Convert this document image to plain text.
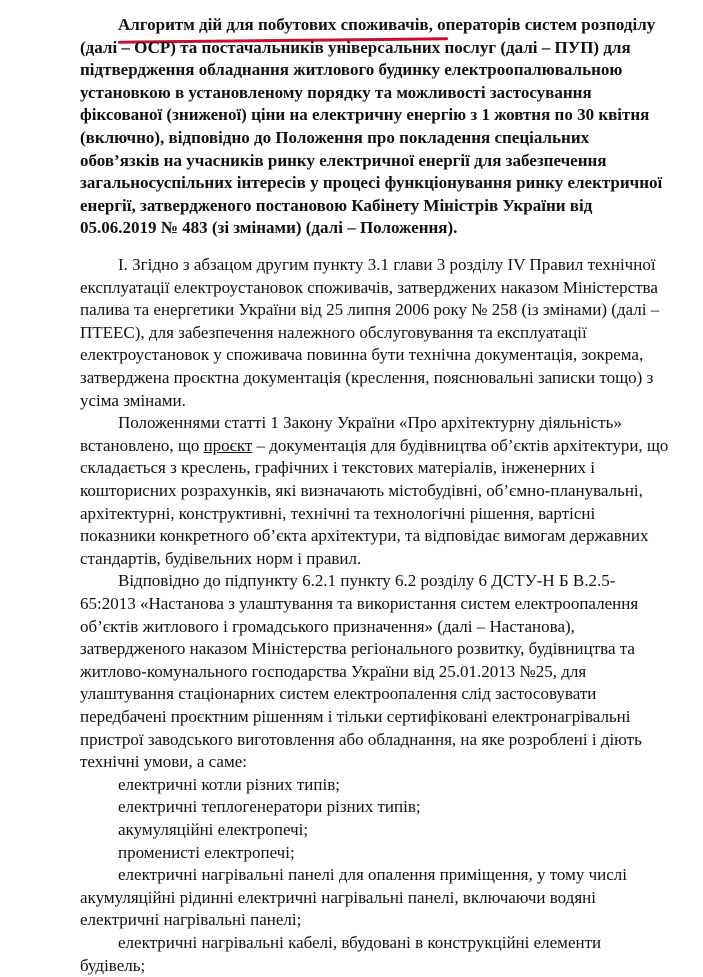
Алгоритм дій для побутових споживачів, операторів систем розподілу
(далі – ОСР) та постачальників універсальних послуг (далі – ПУП) для
підтвердження обладнання житлового будинку електроопалювальною
установкою в установленому порядку та можливості застосування
фіксованої (зниженої) ціни на електричну енергію з 1 жовтня по 30 квітня
(включно), відповідно до Положення про покладення спеціальних
обов’язків на учасників ринку електричної енергії для забезпечення
загальносуспільних інтересів у процесі функціонування ринку електричної
енергії, затвердженого постановою Кабінету Міністрів України від
05.06.2019 № 483 (зі змінами) (далі – Положення).
I. Згідно з абзацом другим пункту 3.1 глави 3 розділу IV Правил технічної
експлуатації електроустановок споживачів, затверджених наказом Міністерства
палива та енергетики України від 25 липня 2006 року № 258 (із змінами) (далі –
ПТЕЕС), для забезпечення належного обслуговування та експлуатації
електроустановок у споживача повинна бути технічна документація, зокрема,
затверджена проєктна документація (креслення, пояснювальні записки тощо) з
усіма змінами.
Положеннями статті 1 Закону України «Про архітектурну діяльність»
встановлено, що проєкт – документація для будівництва об’єктів архітектури, що
складається з креслень, графічних і текстових матеріалів, інженерних і
кошторисних розрахунків, які визначають містобудівні, об’ємно-планувальні,
архітектурні, конструктивні, технічні та технологічні рішення, вартісні
показники конкретного об’єкта архітектури, та відповідає вимогам державних
стандартів, будівельних норм і правил.
Відповідно до підпункту 6.2.1 пункту 6.2 розділу 6 ДСТУ-Н Б В.2.5-
65:2013 «Настанова з улаштування та використання систем електроопалення
об’єктів житлового і громадського призначення» (далі – Настанова),
затвердженого наказом Міністерства регіонального розвитку, будівництва та
житлово-комунального господарства України від 25.01.2013 №25, для
улаштування стаціонарних систем електроопалення слід застосовувати
передбачені проєктним рішенням і тільки сертифіковані електронагрівальні
пристрої заводського виготовлення або обладнання, на яке розроблені і діють
технічні умови, а саме:
електричні котли різних типів;
електричні теплогенератори різних типів;
акумуляційні електропечі;
променисті електропечі;
електричні нагрівальні панелі для опалення приміщення, у тому числі
акумуляційні рідинні електричні нагрівальні панелі, включаючи водяні
електричні нагрівальні панелі;
електричні нагрівальні кабелі, вбудовані в конструкційні елементи
будівель;
